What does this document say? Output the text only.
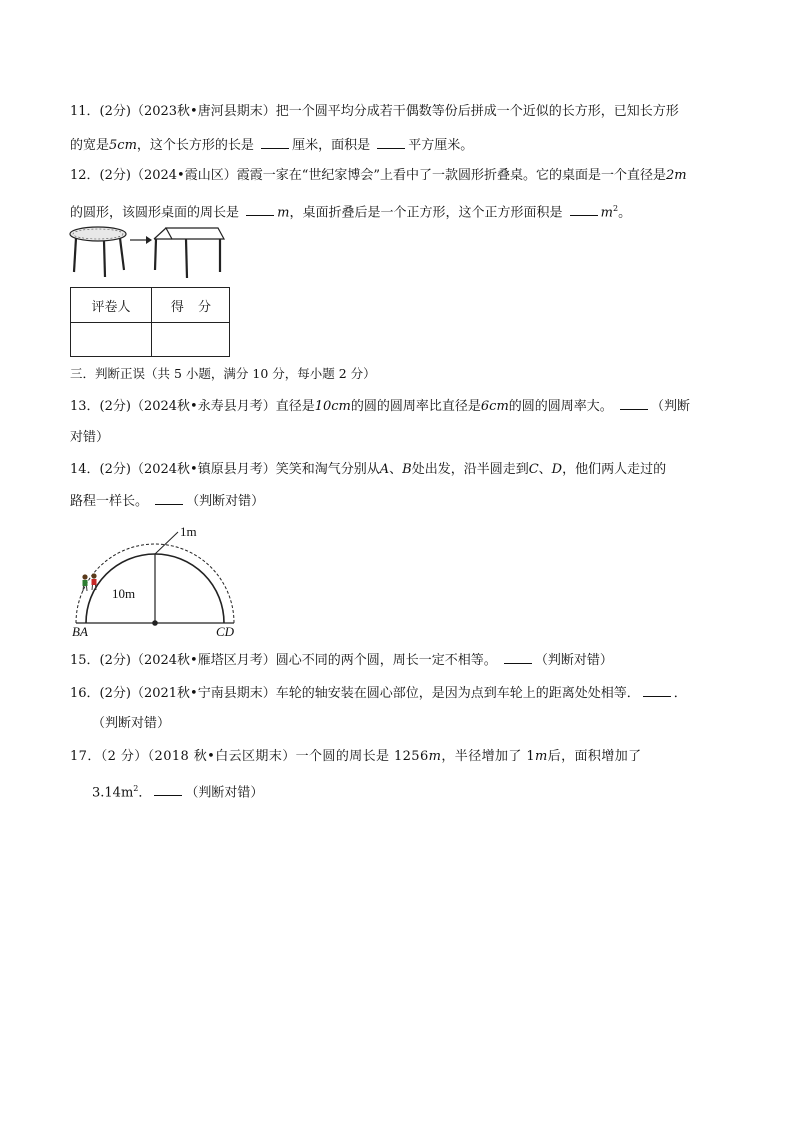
11．(2分)（2023秋•唐河县期末）把一个圆平均分成若干偶数等份后拼成一个近似的长方形，已知长方形
的宽是5cm，这个长方形的长是	厘米，面积是	平方厘米。
12．(2分)（2024•霞山区）霞霞一家在“世纪家博会”上看中了一款圆形折叠桌。它的桌面是一个直径是2m
的圆形，该圆形桌面的周长是	m，桌面折叠后是一个正方形，这个正方形面积是	$m^2$。
评卷人	得 分
三．判断正误（共 5 小题，满分 10 分，每小题 2 分）
13．(2分)（2024秋•永寿县月考）直径是10cm的圆的圆周率比直径是6cm的圆的圆周率大。	（判断
对错）
14．(2分)（2024秋•镇原县月考）笑笑和淘气分别从A、B处出发，沿半圆走到C、D，他们两人走过的
路程一样长。	（判断对错）
1m
10m
BA	CD
15．(2分)（2024秋•雁塔区月考）圆心不同的两个圆，周长一定不相等。	（判断对错）
16．(2分)（2021秋•宁南县期末）车轮的轴安装在圆心部位，是因为点到车轮上的距离处处相等．	．
（判断对错）
17．（2 分）（2018 秋•白云区期末）一个圆的周长是 1256m，半径增加了 1m后，面积增加了
$3.14m^2$．	（判断对错）
